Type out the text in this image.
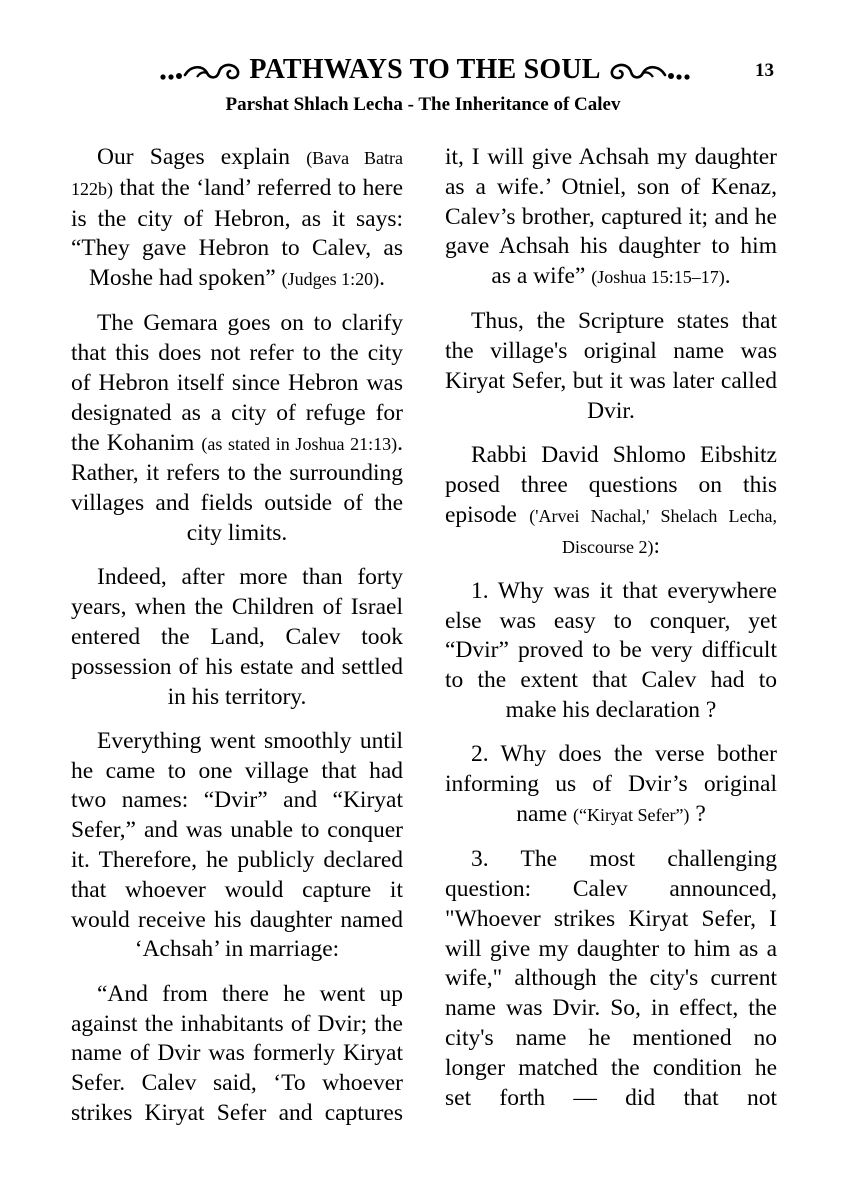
PATHWAYS TO THE SOUL	13
Parshat Shlach Lecha - The Inheritance of Calev

Our Sages explain (Bava Batra 122b) that the ‘land’ referred to here is the city of Hebron, as it says: “They gave Hebron to Calev, as Moshe had spoken” (Judges 1:20).

The Gemara goes on to clarify that this does not refer to the city of Hebron itself since Hebron was designated as a city of refuge for the Kohanim (as stated in Joshua 21:13). Rather, it refers to the surrounding villages and fields outside of the city limits.

Indeed, after more than forty years, when the Children of Israel entered the Land, Calev took possession of his estate and settled in his territory.

Everything went smoothly until he came to one village that had two names: “Dvir” and “Kiryat Sefer,” and was unable to conquer it. Therefore, he publicly declared that whoever would capture it would receive his daughter named ‘Achsah’ in marriage:

“And from there he went up against the inhabitants of Dvir; the name of Dvir was formerly Kiryat Sefer. Calev said, ‘To whoever strikes Kiryat Sefer and captures

it, I will give Achsah my daughter as a wife.’ Otniel, son of Kenaz, Calev’s brother, captured it; and he gave Achsah his daughter to him as a wife” (Joshua 15:15–17).

Thus, the Scripture states that the village's original name was Kiryat Sefer, but it was later called Dvir.

Rabbi David Shlomo Eibshitz posed three questions on this episode ('Arvei Nachal,' Shelach Lecha, Discourse 2):

1. Why was it that everywhere else was easy to conquer, yet “Dvir” proved to be very difficult to the extent that Calev had to make his declaration ?

2. Why does the verse bother informing us of Dvir’s original name (“Kiryat Sefer”) ?

3. The most challenging question: Calev announced, "Whoever strikes Kiryat Sefer, I will give my daughter to him as a wife," although the city's current name was Dvir. So, in effect, the city's name he mentioned no longer matched the condition he set forth — did that not
